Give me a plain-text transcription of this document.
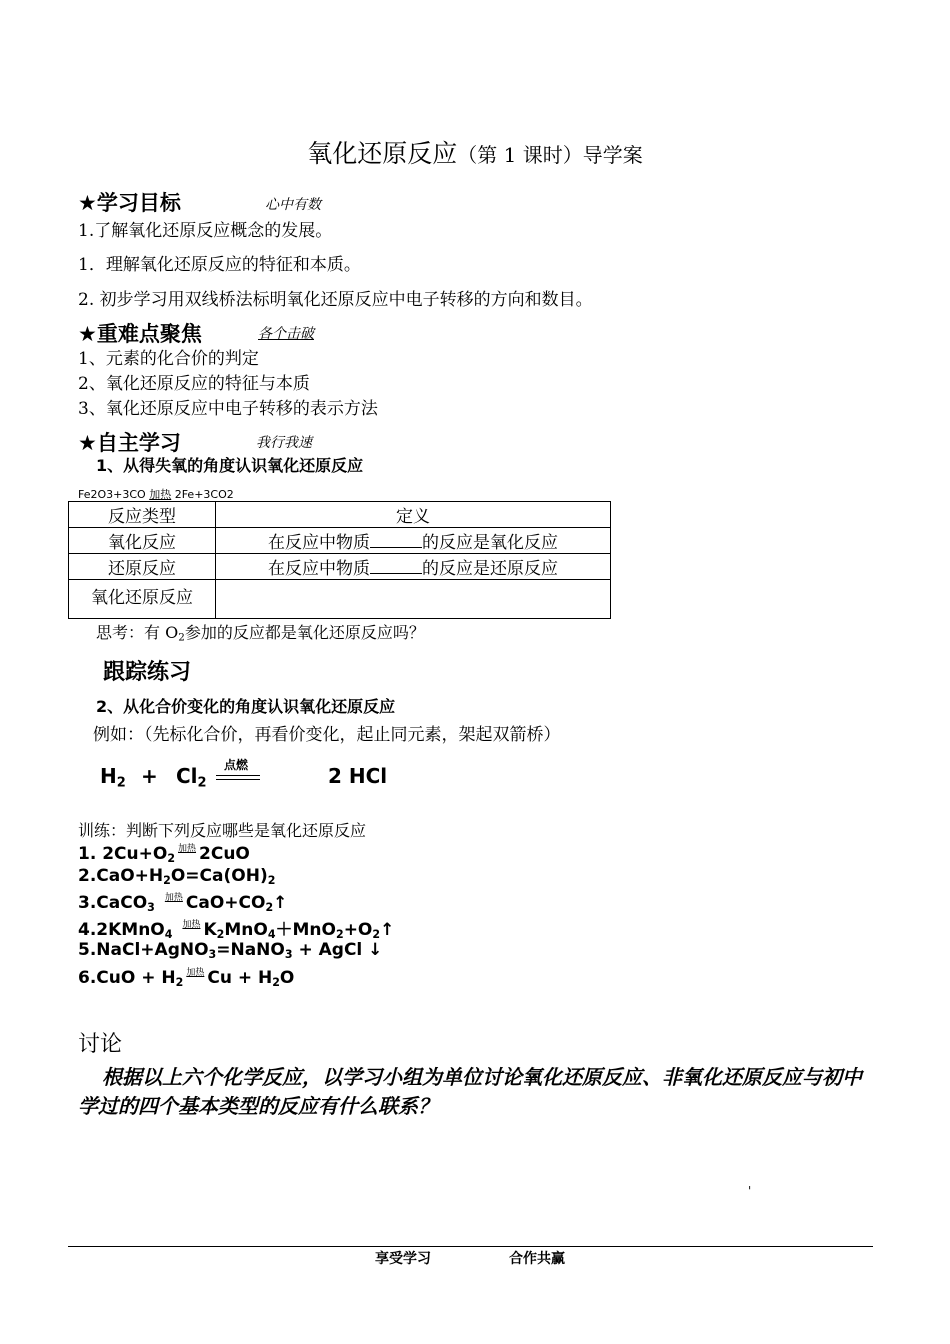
氧化还原反应（第 1 课时）导学案
★学习目标	心中有数
1.了解氧化还原反应概念的发展。
1．理解氧化还原反应的特征和本质。
2. 初步学习用双线桥法标明氧化还原反应中电子转移的方向和数目。
★重难点聚焦	各个击破
1、元素的化合价的判定
2、氧化还原反应的特征与本质
3、氧化还原反应中电子转移的表示方法
★自主学习	我行我速
1、从得失氧的角度认识氧化还原反应
Fe2O3+3CO 加热 2Fe+3CO2
反应类型	定义
氧化反应	在反应中物质 的反应是氧化反应
还原反应	在反应中物质 的反应是还原反应
氧化还原反应	
思考：有 $O_2$参加的反应都是氧化还原反应吗？
跟踪练习
2、从化合价变化的角度认识氧化还原反应
例如：（先标化合价，再看价变化，起止同元素，架起双箭桥）
$H_2 + Cl_2$
点燃	2 HCl
训练：判断下列反应哪些是氧化还原反应
1. $2Cu+O_2^{加热}$ 2CuO
$2.CaO+H_2O=Ca(OH)_2$
3.CaCO$_3^{加热}$ $CaO+CO_2↑$
4.2KMnO$_4^{加热}$ $K_2MnO_4+MnO_2+O_2↑$
5.NaCl+AgNO$_3$=NaNO$_3$ + AgCl ↓
$6.CuO + H_2^{加热}$ $Cu + H_2O$
讨论
根据以上六个化学反应，以学习小组为单位讨论氧化还原反应、非氧化还原反应与初中学过的四个基本类型的反应有什么联系？
'
享受学习	合作共赢
